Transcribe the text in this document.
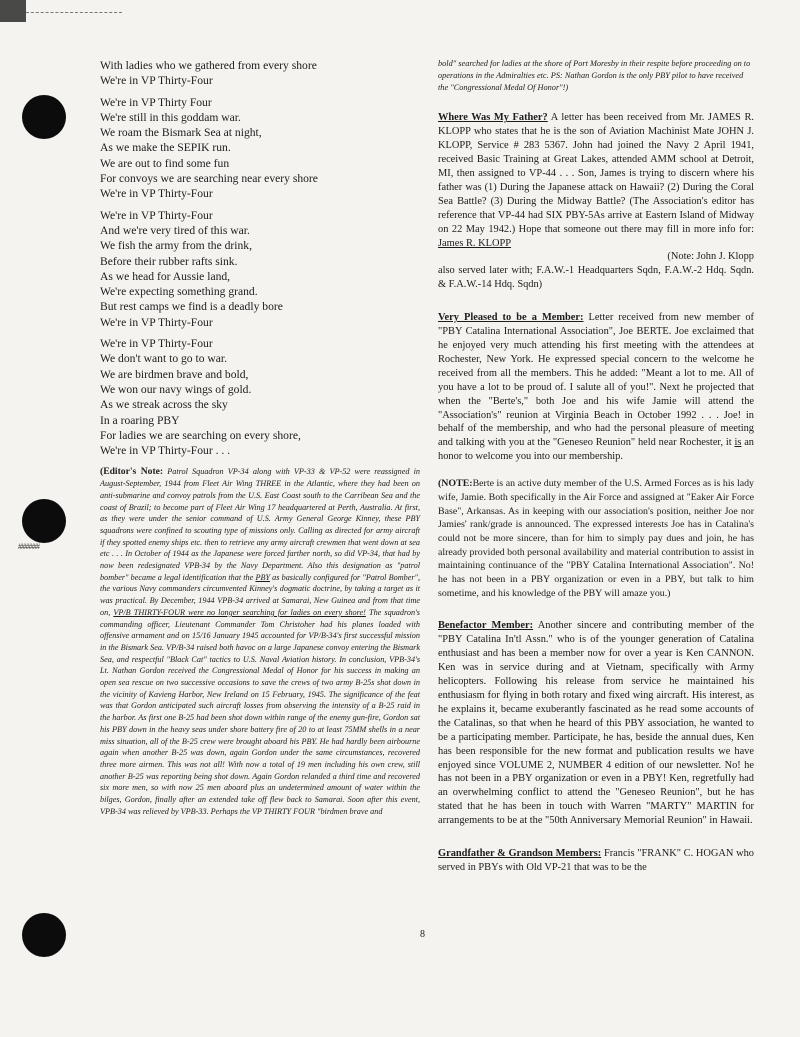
#######
With ladies who we gathered from every shore
We're in VP Thirty-Four
We're in VP Thirty Four
We're still in this goddam war.
We roam the Bismark Sea at night,
As we make the SEPIK run.
We are out to find some fun
For convoys we are searching near every shore
We're in VP Thirty-Four
We're in VP Thirty-Four
And we're very tired of this war.
We fish the army from the drink,
Before their rubber rafts sink.
As we head for Aussie land,
We're expecting something grand.
But rest camps we find is a deadly bore
We're in VP Thirty-Four
We're in VP Thirty-Four
We don't want to go to war.
We are birdmen brave and bold,
We won our navy wings of gold.
As we streak across the sky
In a roaring PBY
For ladies we are searching on every shore,
We're in VP Thirty-Four . . .
(Editor's Note: Patrol Squadron VP-34 along with VP-33 & VP-52 were reassigned in August-September, 1944 from Fleet Air Wing THREE in the Atlantic, where they had been on anti-submarine and convoy patrols from the U.S. East Coast south to the Carribean Sea and the coast of Brazil; to become part of Fleet Air Wing 17 headquartered at Perth, Australia. At first, as they were under the senior command of U.S. Army General George Kinney, these PBY squadrons were confined to scouting type of missions only. Calling as directed for army aircraft if they spotted enemy ships etc. then to retrieve any army aircraft crewmen that went down at sea etc . . . In October of 1944 as the Japanese were forced farther north, so did VP-34, that had by now been redesignated VPB-34 by the Navy Department. Also this designation as "patrol bomber" became a legal identification that the PBY as basically configured for "Patrol Bomber", the various Navy commanders circumvented Kinney's dogmatic doctrine, by taking a target as it was practical. By December, 1944 VPB-34 arrived at Samarai, New Guinea and from that time on, VP/B THIRTY-FOUR were no longer searching for ladies on every shore! The squadron's commanding officer, Lieutenant Commander Tom Christoher had his planes loaded with offensive armament and on 15/16 January 1945 accounted for VP/B-34's first successful mission in the Bismark Sea. VP/B-34 raised both havoc on a large Japanese convoy entering the Bismark Sea, and respectful "Black Cat" tactics to U.S. Naval Aviation history. In conclusion, VPB-34's Lt. Nathan Gordon received the Congressional Medal of Honor for his success in making an open sea rescue on two successive occasions to save the crews of two army B-25s shot down in the vicinity of Kavieng Harbor, New Ireland on 15 February, 1945. The significance of the feat was that Gordon anticipated such aircraft losses from observing the intensity of a B-25 raid in the harbor. As first one B-25 had been shot down within range of the enemy gun-fire, Gordon sat his PBY down in the heavy seas under shore battery fire of 20 to at least 75MM shells in a near miss situation, all of the B-25 crew were brought aboard his PBY. He had hardly been airbourne again when another B-25 was down, again Gordon under the same circumstances, recovered three more airmen. This was not all! With now a total of 19 men including his own crew, still another B-25 was reporting being shot down. Again Gordon relanded a third time and recovered six more men, so with now 25 men aboard plus an undetermined amount of water within the bilges, Gordon, finally after an extended take off flew back to Samarai. Soon after this event, VPB-34 was relieved by VPB-33. Perhaps the VP THIRTY FOUR "birdmen brave and
bold" searched for ladies at the shore of Port Moresby in their respite before proceeding on to operations in the Admiralties etc. PS: Nathan Gordon is the only PBY pilot to have received the "Congressional Medal Of Honor"!)

Where Was My Father? A letter has been received from Mr. JAMES R. KLOPP who states that he is the son of Aviation Machinist Mate JOHN J. KLOPP, Service # 283 5367. John had joined the Navy 2 April 1941, received Basic Training at Great Lakes, attended AMM school at Detroit, MI, then assigned to VP-44 . . . Son, James is trying to discern where his father was (1) During the Japanese attack on Hawaii? (2) During the Coral Sea Battle? (3) During the Midway Battle? (The Association's editor has reference that VP-44 had SIX PBY-5As arrive at Eastern Island of Midway on 22 May 1942.) Hope that someone out there may fill in more info for: James R. KLOPP
(Note: John J. Klopp
also served later with; F.A.W.-1 Headquarters Sqdn, F.A.W.-2 Hdq. Sqdn. & F.A.W.-14 Hdq. Sqdn)

Very Pleased to be a Member: Letter received from new member of "PBY Catalina International Association", Joe BERTE. Joe exclaimed that he enjoyed very much attending his first meeting with the attendees at Rochester, New York. He expressed special concern to the welcome he received from all the members. This he added: "Meant a lot to me. All of you have a lot to be proud of. I salute all of you!". Next he projected that when the "Berte's," both Joe and his wife Jamie will attend the "Association's" reunion at Virginia Beach in October 1992 . . . Joe! in behalf of the membership, and who had the personal pleasure of meeting and talking with you at the "Geneseo Reunion" held near Rochester, it is an honor to welcome you into our membership.

(NOTE:Berte is an active duty member of the U.S. Armed Forces as is his lady wife, Jamie. Both specifically in the Air Force and assigned at "Eaker Air Force Base", Arkansas. As in keeping with our association's position, neither Joe nor Jamies' rank/grade is announced. The expressed interests Joe has in Catalina's could not be more sincere, than for him to simply pay dues and join, he has already provided both personal availability and material contribution to assist in maintaining continuance of the "PBY Catalina International Association". No! he has not been in a PBY organization or even in a PBY, but talk to him sometime, and his knowledge of the PBY will amaze you.)

Benefactor Member: Another sincere and contributing member of the "PBY Catalina In'tl Assn." who is of the younger generation of Catalina enthusiast and has been a member now for over a year is Ken CANNON. Ken was in service during and at Vietnam, specifically with Army helicopters. Following his release from service he maintained his enthusiasm for flying in both rotary and fixed wing aircraft. His interest, as he explains it, became exuberantly fascinated as he read some accounts of the Catalinas, so that when he heard of this PBY association, he wanted to be a participating member. Participate, he has, beside the annual dues, Ken has been responsible for the new format and publication results we have enjoyed since VOLUME 2, NUMBER 4 edition of our newsletter. No! he has not been in a PBY organization or even in a PBY! Ken, regretfully had an overwhelming conflict to attend the "Geneseo Reunion", but he has stated that he has been in touch with Warren "MARTY" MARTIN for arrangements to be at the "50th Anniversary Memorial Reunion" in Hawaii.

Grandfather & Grandson Members: Francis "FRANK" C. HOGAN who served in PBYs with Old VP-21 that was to be the

8
